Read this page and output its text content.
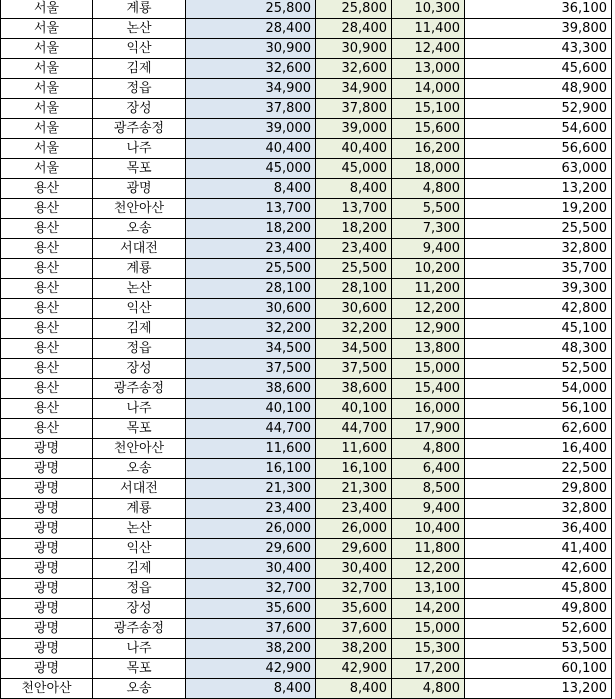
서울	계룡	25,800	25,800	10,300	36,100
서울	논산	28,400	28,400	11,400	39,800
서울	익산	30,900	30,900	12,400	43,300
서울	김제	32,600	32,600	13,000	45,600
서울	정읍	34,900	34,900	14,000	48,900
서울	장성	37,800	37,800	15,100	52,900
서울	광주송정	39,000	39,000	15,600	54,600
서울	나주	40,400	40,400	16,200	56,600
서울	목포	45,000	45,000	18,000	63,000
용산	광명	8,400	8,400	4,800	13,200
용산	천안아산	13,700	13,700	5,500	19,200
용산	오송	18,200	18,200	7,300	25,500
용산	서대전	23,400	23,400	9,400	32,800
용산	계룡	25,500	25,500	10,200	35,700
용산	논산	28,100	28,100	11,200	39,300
용산	익산	30,600	30,600	12,200	42,800
용산	김제	32,200	32,200	12,900	45,100
용산	정읍	34,500	34,500	13,800	48,300
용산	장성	37,500	37,500	15,000	52,500
용산	광주송정	38,600	38,600	15,400	54,000
용산	나주	40,100	40,100	16,000	56,100
용산	목포	44,700	44,700	17,900	62,600
광명	천안아산	11,600	11,600	4,800	16,400
광명	오송	16,100	16,100	6,400	22,500
광명	서대전	21,300	21,300	8,500	29,800
광명	계룡	23,400	23,400	9,400	32,800
광명	논산	26,000	26,000	10,400	36,400
광명	익산	29,600	29,600	11,800	41,400
광명	김제	30,400	30,400	12,200	42,600
광명	정읍	32,700	32,700	13,100	45,800
광명	장성	35,600	35,600	14,200	49,800
광명	광주송정	37,600	37,600	15,000	52,600
광명	나주	38,200	38,200	15,300	53,500
광명	목포	42,900	42,900	17,200	60,100
천안아산	오송	8,400	8,400	4,800	13,200
